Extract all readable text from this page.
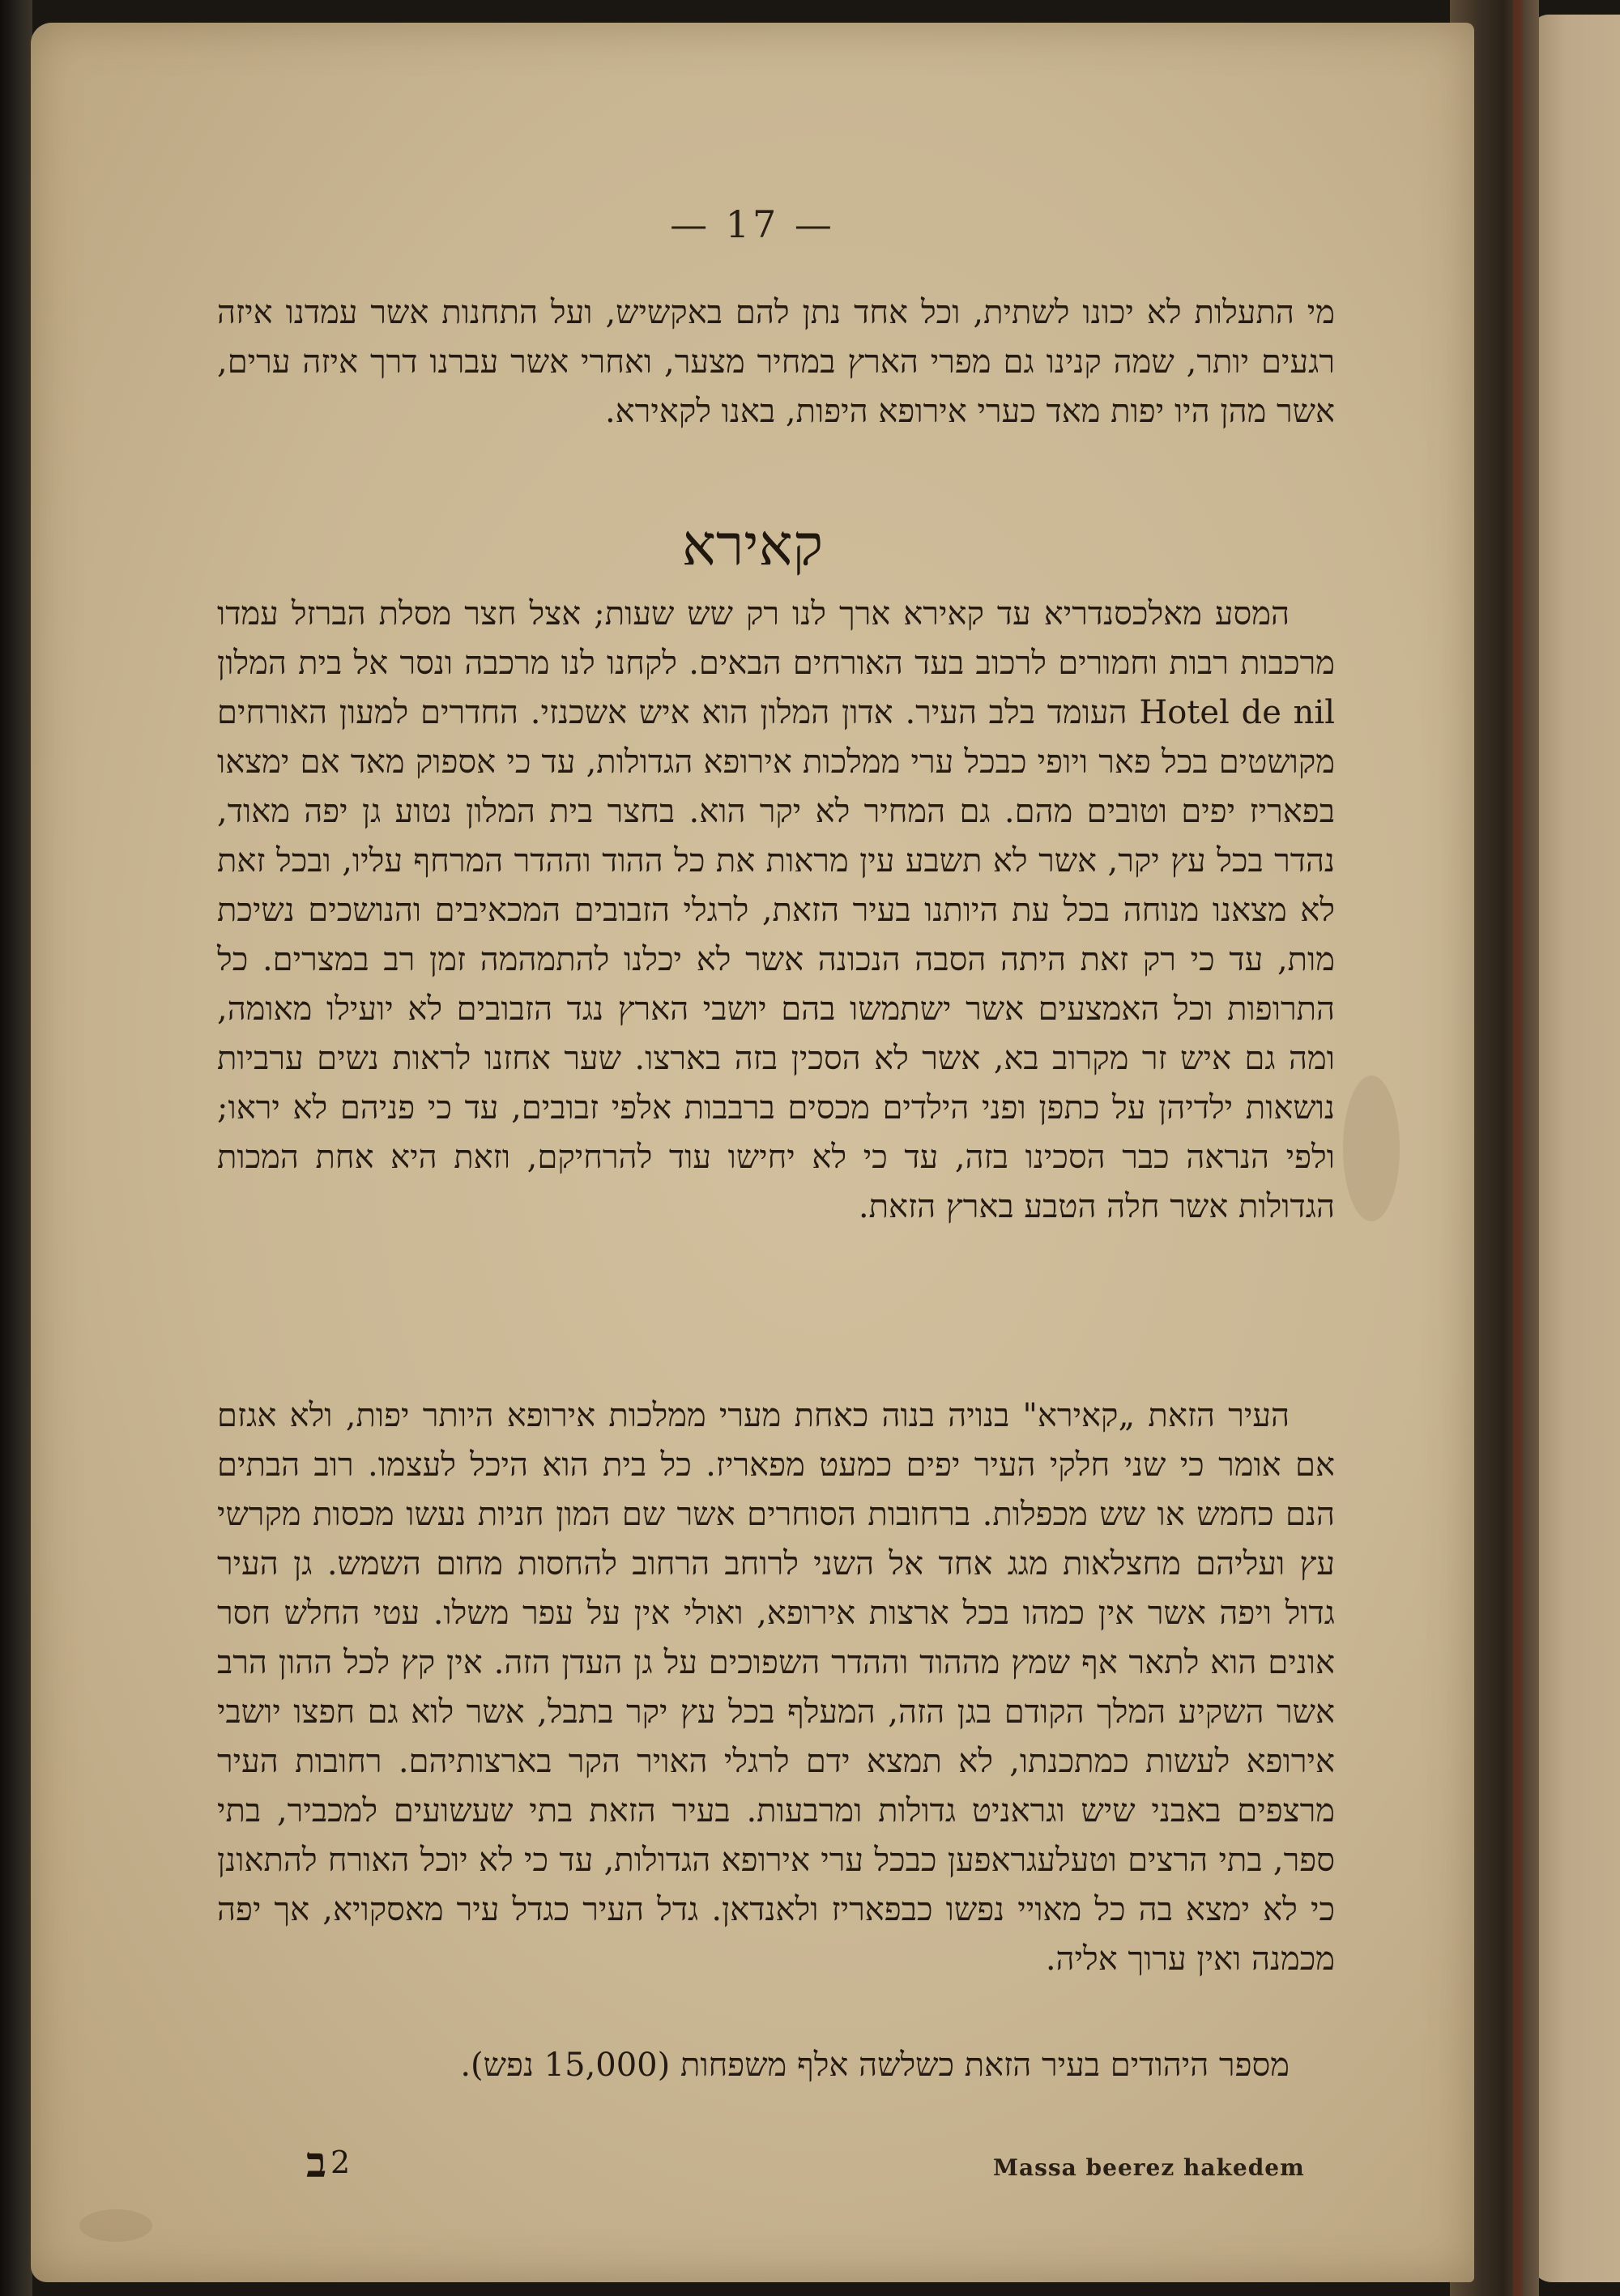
— 17 —

מי התעלות לא יכונו לשתית, וכל אחד נתן להם באקשיש, ועל התחנות אשר עמדנו איזה רגעים יותר, שמה קנינו גם מפרי הארץ במחיר מצער, ואחרי אשר עברנו דרך איזה ערים, אשר מהן היו יפות מאד כערי אירופא היפות, באנו לקאירא.

קאירא

המסע מאלכסנדריא עד קאירא ארך לנו רק שש שעות; אצל חצר מסלת הברזל עמדו מרכבות רבות וחמורים לרכוב בעד האורחים הבאים. לקחנו לנו מרכבה ונסר אל בית המלון Hotel de nil העומד בלב העיר. אדון המלון הוא איש אשכנזי. החדרים למעון האורחים מקושטים בכל פאר ויופי כבכל ערי ממלכות אירופא הגדולות, עד כי אספוק מאד אם ימצאו בפאריז יפים וטובים מהם. גם המחיר לא יקר הוא. בחצר בית המלון נטוע גן יפה מאוד, נהדר בכל עץ יקר, אשר לא תשבע עין מראות את כל ההוד וההדר המרחף עליו, ובכל זאת לא מצאנו מנוחה בכל עת היותנו בעיר הזאת, לרגלי הזבובים המכאיבים והנושכים נשיכת מות, עד כי רק זאת היתה הסבה הנכונה אשר לא יכלנו להתמהמה זמן רב במצרים. כל התרופות וכל האמצעים אשר ישתמשו בהם יושבי הארץ נגד הזבובים לא יועילו מאומה, ומה גם איש זר מקרוב בא, אשר לא הסכין בזה בארצו. שער אחזנו לראות נשים ערביות נושאות ילדיהן על כתפן ופני הילדים מכסים ברבבות אלפי זבובים, עד כי פניהם לא יראו; ולפי הנראה כבר הסכינו בזה, עד כי לא יחישו עוד להרחיקם, וזאת היא אחת המכות הגדולות אשר חלה הטבע בארץ הזאת.

העיר הזאת „קאירא" בנויה בנוה כאחת מערי ממלכות אירופא היותר יפות, ולא אגזם אם אומר כי שני חלקי העיר יפים כמעט מפאריז. כל בית הוא היכל לעצמו. רוב הבתים הנם כחמש או שש מכפלות. ברחובות הסוחרים אשר שם המון חניות נעשו מכסות מקרשי עץ ועליהם מחצלאות מגג אחד אל השני לרוחב הרחוב להחסות מחום השמש. גן העיר גדול ויפה אשר אין כמהו בכל ארצות אירופא, ואולי אין על עפר משלו. עטי החלש חסר אונים הוא לתאר אף שמץ מההוד וההדר השפוכים על גן העדן הזה. אין קץ לכל ההון הרב אשר השקיע המלך הקודם בגן הזה, המעלף בכל עץ יקר בתבל, אשר לוא גם חפצו יושבי אירופא לעשות כמתכנתו, לא תמצא ידם לרגלי האויר הקר בארצותיהם. רחובות העיר מרצפים באבני שיש וגראניט גדולות ומרבעות. בעיר הזאת בתי שעשועים למכביר, בתי ספר, בתי הרצים וטעלעגראפען כבכל ערי אירופא הגדולות, עד כי לא יוכל האורח להתאונן כי לא ימצא בה כל מאויי נפשו כבפאריז ולאנדאן. גדל העיר כגדל עיר מאסקויא, אך יפה מכמנה ואין ערוך אליה.

מספר היהודים בעיר הזאת כשלשה אלף משפחות (15,000 נפש).

ב 2	Massa beerez hakedem
